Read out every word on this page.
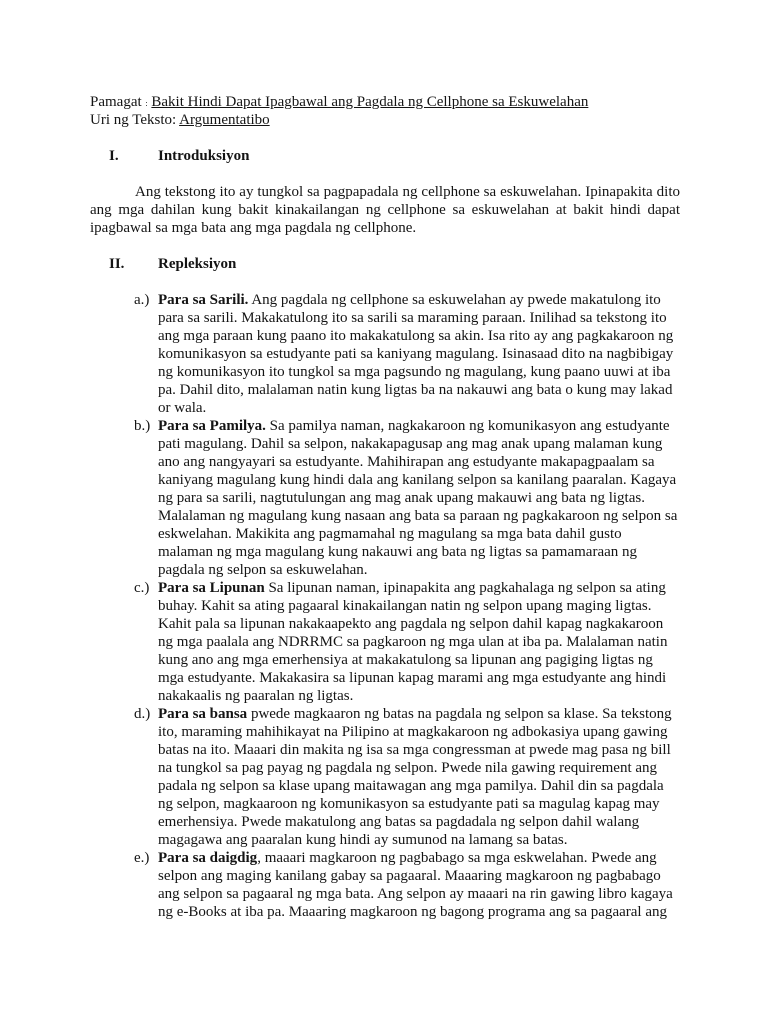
Pamagat : Bakit Hindi Dapat Ipagbawal ang Pagdala ng Cellphone sa Eskuwelahan
Uri ng Teksto: Argumentatibo
I.	Introduksiyon

Ang tekstong ito ay tungkol sa pagpapadala ng cellphone sa eskuwelahan. Ipinapakita dito ang mga dahilan kung bakit kinakailangan ng cellphone sa eskuwelahan at bakit hindi dapat ipagbawal sa mga bata ang mga pagdala ng cellphone.

II.	Repleksiyon
a.) Para sa Sarili. Ang pagdala ng cellphone sa eskuwelahan ay pwede makatulong ito para sa sarili. Makakatulong ito sa sarili sa maraming paraan. Inilihad sa tekstong ito ang mga paraan kung paano ito makakatulong sa akin. Isa rito ay ang pagkakaroon ng komunikasyon sa estudyante pati sa kaniyang magulang. Isinasaad dito na nagbibigay ng komunikasyon ito tungkol sa mga pagsundo ng magulang, kung paano uuwi at iba pa. Dahil dito, malalaman natin kung ligtas ba na nakauwi ang bata o kung may lakad or wala.
b.) Para sa Pamilya. Sa pamilya naman, nagkakaroon ng komunikasyon ang estudyante pati magulang. Dahil sa selpon, nakakapagusap ang mag anak upang malaman kung ano ang nangyayari sa estudyante. Mahihirapan ang estudyante makapagpaalam sa kaniyang magulang kung hindi dala ang kanilang selpon sa kanilang paaralan. Kagaya ng para sa sarili, nagtutulungan ang mag anak upang makauwi ang bata ng ligtas. Malalaman ng magulang kung nasaan ang bata sa paraan ng pagkakaroon ng selpon sa eskwelahan. Makikita ang pagmamahal ng magulang sa mga bata dahil gusto malaman ng mga magulang kung nakauwi ang bata ng ligtas sa pamamaraan ng pagdala ng selpon sa eskuwelahan.
c.) Para sa Lipunan Sa lipunan naman, ipinapakita ang pagkahalaga ng selpon sa ating buhay. Kahit sa ating pagaaral kinakailangan natin ng selpon upang maging ligtas. Kahit pala sa lipunan nakakaapekto ang pagdala ng selpon dahil kapag nagkakaroon ng mga paalala ang NDRRMC sa pagkaroon ng mga ulan at iba pa. Malalaman natin kung ano ang mga emerhensiya at makakatulong sa lipunan ang pagiging ligtas ng mga estudyante. Makakasira sa lipunan kapag marami ang mga estudyante ang hindi nakakaalis ng paaralan ng ligtas.
d.) Para sa bansa pwede magkaaron ng batas na pagdala ng selpon sa klase. Sa tekstong ito, maraming mahihikayat na Pilipino at magkakaroon ng adbokasiya upang gawing batas na ito. Maaari din makita ng isa sa mga congressman at pwede mag pasa ng bill na tungkol sa pag payag ng pagdala ng selpon. Pwede nila gawing requirement ang padala ng selpon sa klase upang maitawagan ang mga pamilya. Dahil din sa pagdala ng selpon, magkaaroon ng komunikasyon sa estudyante pati sa magulag kapag may emerhensiya. Pwede makatulong ang batas sa pagdadala ng selpon dahil walang magagawa ang paaralan kung hindi ay sumunod na lamang sa batas.
e.) Para sa daigdig, maaari magkaroon ng pagbabago sa mga eskwelahan. Pwede ang selpon ang maging kanilang gabay sa pagaaral. Maaaring magkaroon ng pagbabago ang selpon sa pagaaral ng mga bata. Ang selpon ay maaari na rin gawing libro kagaya ng e-Books at iba pa. Maaaring magkaroon ng bagong programa ang sa pagaaral ang
